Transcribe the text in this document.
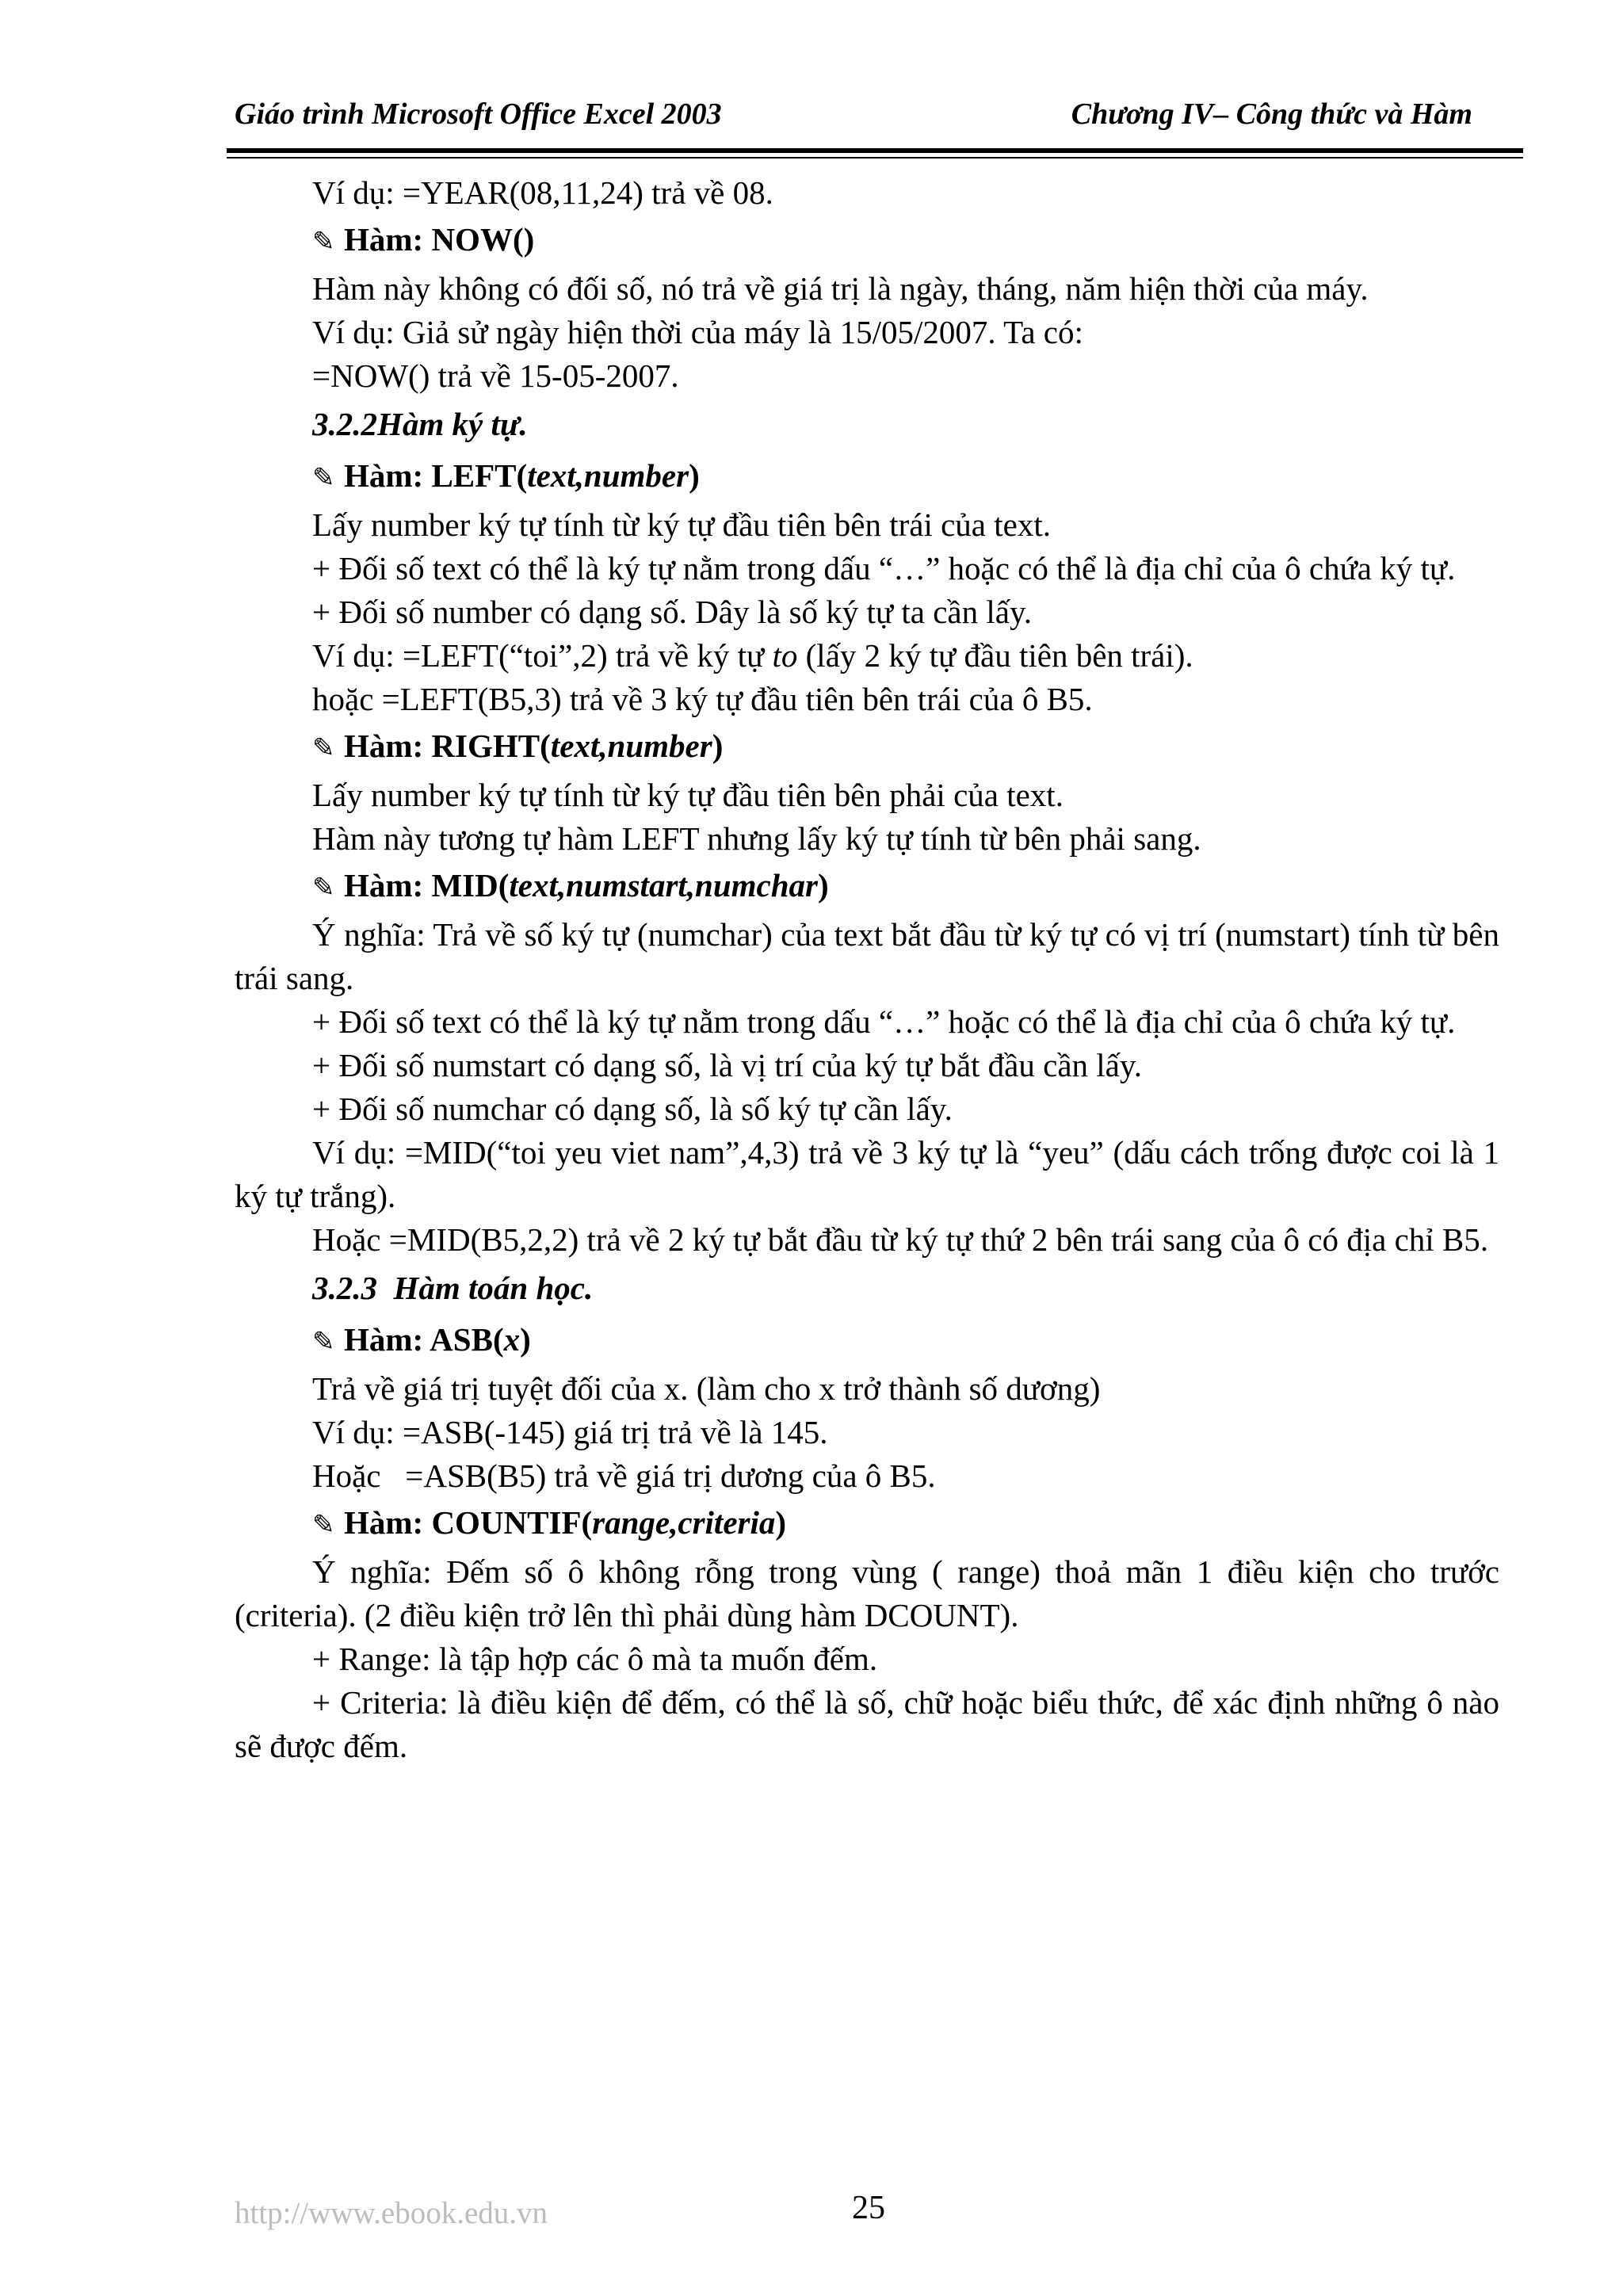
Giáo trình Microsoft Office Excel 2003	Chương IV– Công thức và Hàm

Ví dụ: =YEAR(08,11,24) trả về 08.

✎ Hàm: NOW()

Hàm này không có đối số, nó trả về giá trị là ngày, tháng, năm hiện thời của máy.

Ví dụ: Giả sử ngày hiện thời của máy là 15/05/2007. Ta có:

=NOW() trả về 15-05-2007.

3.2.2Hàm ký tự.

✎ Hàm: LEFT(text,number)

Lấy number ký tự tính từ ký tự đầu tiên bên trái của text.

+ Đối số text có thể là ký tự nằm trong dấu “…” hoặc có thể là địa chỉ của ô chứa ký tự.

+ Đối số number có dạng số. Dây là số ký tự ta cần lấy.

Ví dụ: =LEFT(“toi”,2) trả về ký tự to (lấy 2 ký tự đầu tiên bên trái).

hoặc =LEFT(B5,3) trả về 3 ký tự đầu tiên bên trái của ô B5.

✎ Hàm: RIGHT(text,number)

Lấy number ký tự tính từ ký tự đầu tiên bên phải của text.

Hàm này tương tự hàm LEFT nhưng lấy ký tự tính từ bên phải sang.

✎ Hàm: MID(text,numstart,numchar)

Ý nghĩa: Trả về số ký tự (numchar) của text bắt đầu từ ký tự có vị trí (numstart) tính từ bên trái sang.

+ Đối số text có thể là ký tự nằm trong dấu “…” hoặc có thể là địa chỉ của ô chứa ký tự.

+ Đối số numstart có dạng số, là vị trí của ký tự bắt đầu cần lấy.

+ Đối số numchar có dạng số, là số ký tự cần lấy.

Ví dụ: =MID(“toi yeu viet nam”,4,3) trả về 3 ký tự là “yeu” (dấu cách trống được coi là 1 ký tự trắng).

Hoặc =MID(B5,2,2) trả về 2 ký tự bắt đầu từ ký tự thứ 2 bên trái sang của ô có địa chỉ B5.

3.2.3  Hàm toán học.

✎ Hàm: ASB(x)

Trả về giá trị tuyệt đối của x. (làm cho x trở thành số dương)

Ví dụ: =ASB(-145) giá trị trả về là 145.

Hoặc   =ASB(B5) trả về giá trị dương của ô B5.

✎ Hàm: COUNTIF(range,criteria)

Ý nghĩa: Đếm số ô không rỗng trong vùng ( range) thoả mãn 1 điều kiện cho trước (criteria). (2 điều kiện trở lên thì phải dùng hàm DCOUNT).

+ Range: là tập hợp các ô mà ta muốn đếm.

+ Criteria: là điều kiện để đếm, có thể là số, chữ hoặc biểu thức, để xác định những ô nào sẽ được đếm.

http://www.ebook.edu.vn	25
